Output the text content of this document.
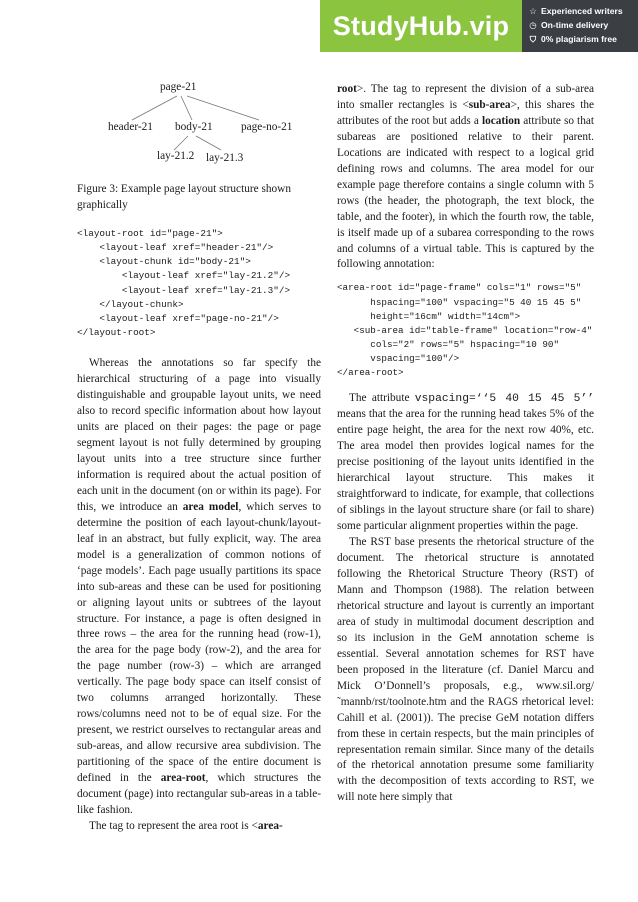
StudyHub.vip	☆ Experienced writers
◷ On-time delivery
⛉ 0% plagiarism free
page-21
header-21 body-21	page-no-21
lay-21.2 lay-21.3
Figure 3: Example page layout structure shown graphically
<layout-root id="page-21">
<layout-leaf xref="header-21"/>
<layout-chunk id="body-21">
<layout-leaf xref="lay-21.2"/>
<layout-leaf xref="lay-21.3"/>
</layout-chunk>
<layout-leaf xref="page-no-21"/>
</layout-root>

Whereas the annotations so far specify the hierarchical structuring of a page into visually distinguishable and groupable layout units, we need also to record specific information about how layout units are placed on their pages: the page or page segment layout is not fully determined by grouping layout units into a tree structure since further information is required about the actual position of each unit in the document (on or within its page). For this, we introduce an area model, which serves to determine the position of each layout-chunk/layout-leaf in an abstract, but fully explicit, way. The area model is a generalization of common notions of ‘page models’. Each page usually partitions its space into sub-areas and these can be used for positioning or aligning layout units or subtrees of the layout structure. For instance, a page is often designed in three rows – the area for the running head (row-1), the area for the page body (row-2), and the area for the page number (row-3) – which are arranged vertically. The page body space can itself consist of two columns arranged horizontally. These rows/columns need not to be of equal size. For the present, we restrict ourselves to rectangular areas and sub-areas, and allow recursive area subdivision. The partitioning of the space of the entire document is defined in the area-root, which structures the document (page) into rectangular sub-areas in a table-like fashion.

The tag to represent the area root is <area-

root>. The tag to represent the division of a sub-area into smaller rectangles is <sub-area>, this shares the attributes of the root but adds a location attribute so that subareas are positioned relative to their parent. Locations are indicated with respect to a logical grid defining rows and columns. The area model for our example page therefore contains a single column with 5 rows (the header, the photograph, the text block, the table, and the footer), in which the fourth row, the table, is itself made up of a subarea corresponding to the rows and columns of a virtual table. This is captured by the following annotation:

<area-root id="page-frame" cols="1" rows="5"
hspacing="100" vspacing="5 40 15 45 5"
height="16cm" width="14cm">
<sub-area id="table-frame" location="row-4"
cols="2" rows="5" hspacing="10 90"
vspacing="100"/>
</area-root>

The attribute vspacing=‘‘5 40 15 45 5’’ means that the area for the running head takes 5% of the entire page height, the area for the next row 40%, etc. The area model then provides logical names for the precise positioning of the layout units identified in the hierarchical layout structure. This makes it straightforward to indicate, for example, that collections of siblings in the layout structure share (or fail to share) some particular alignment properties within the page.

The RST base presents the rhetorical structure of the document. The rhetorical structure is annotated following the Rhetorical Structure Theory (RST) of Mann and Thompson (1988). The relation between rhetorical structure and layout is currently an important area of study in multimodal document description and so its inclusion in the GeM annotation scheme is essential. Several annotation schemes for RST have been proposed in the literature (cf. Daniel Marcu and Mick O’Donnell’s proposals, e.g., www.sil.org/˜mannb/rst/toolnote.htm and the RAGS rhetorical level: Cahill et al. (2001)). The precise GeM notation differs from these in certain respects, but the main principles of representation remain similar. Since many of the details of the rhetorical annotation presume some familiarity with the decomposition of texts according to RST, we will note here simply that
